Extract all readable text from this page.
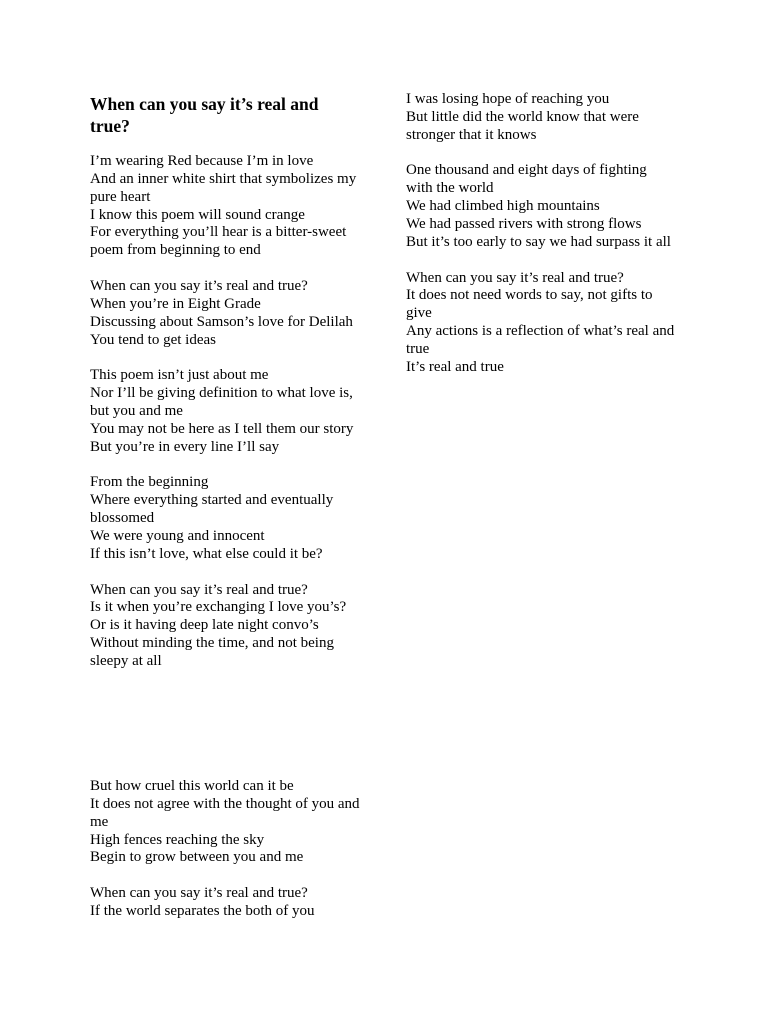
When can you say it’s real and true?
I’m wearing Red because I’m in love
And an inner white shirt that symbolizes my
pure heart
I know this poem will sound crange
For everything you’ll hear is a bitter-sweet
poem from beginning to end
When can you say it’s real and true?
When you’re in Eight Grade
Discussing about Samson’s love for Delilah
You tend to get ideas
This poem isn’t just about me
Nor I’ll be giving definition to what love is,
but you and me
You may not be here as I tell them our story
But you’re in every line I’ll say
From the beginning
Where everything started and eventually
blossomed
We were young and innocent
If this isn’t love, what else could it be?
When can you say it’s real and true?
Is it when you’re exchanging I love you’s?
Or is it having deep late night convo’s
Without minding the time, and not being
sleepy at all
But how cruel this world can it be
It does not agree with the thought of you and
me
High fences reaching the sky
Begin to grow between you and me
When can you say it’s real and true?
If the world separates the both of you
I was losing hope of reaching you
But little did the world know that were
stronger that it knows
One thousand and eight days of fighting
with the world
We had climbed high mountains
We had passed rivers with strong flows
But it’s too early to say we had surpass it all
When can you say it’s real and true?
It does not need words to say, not gifts to
give
Any actions is a reflection of what’s real and
true
It’s real and true
